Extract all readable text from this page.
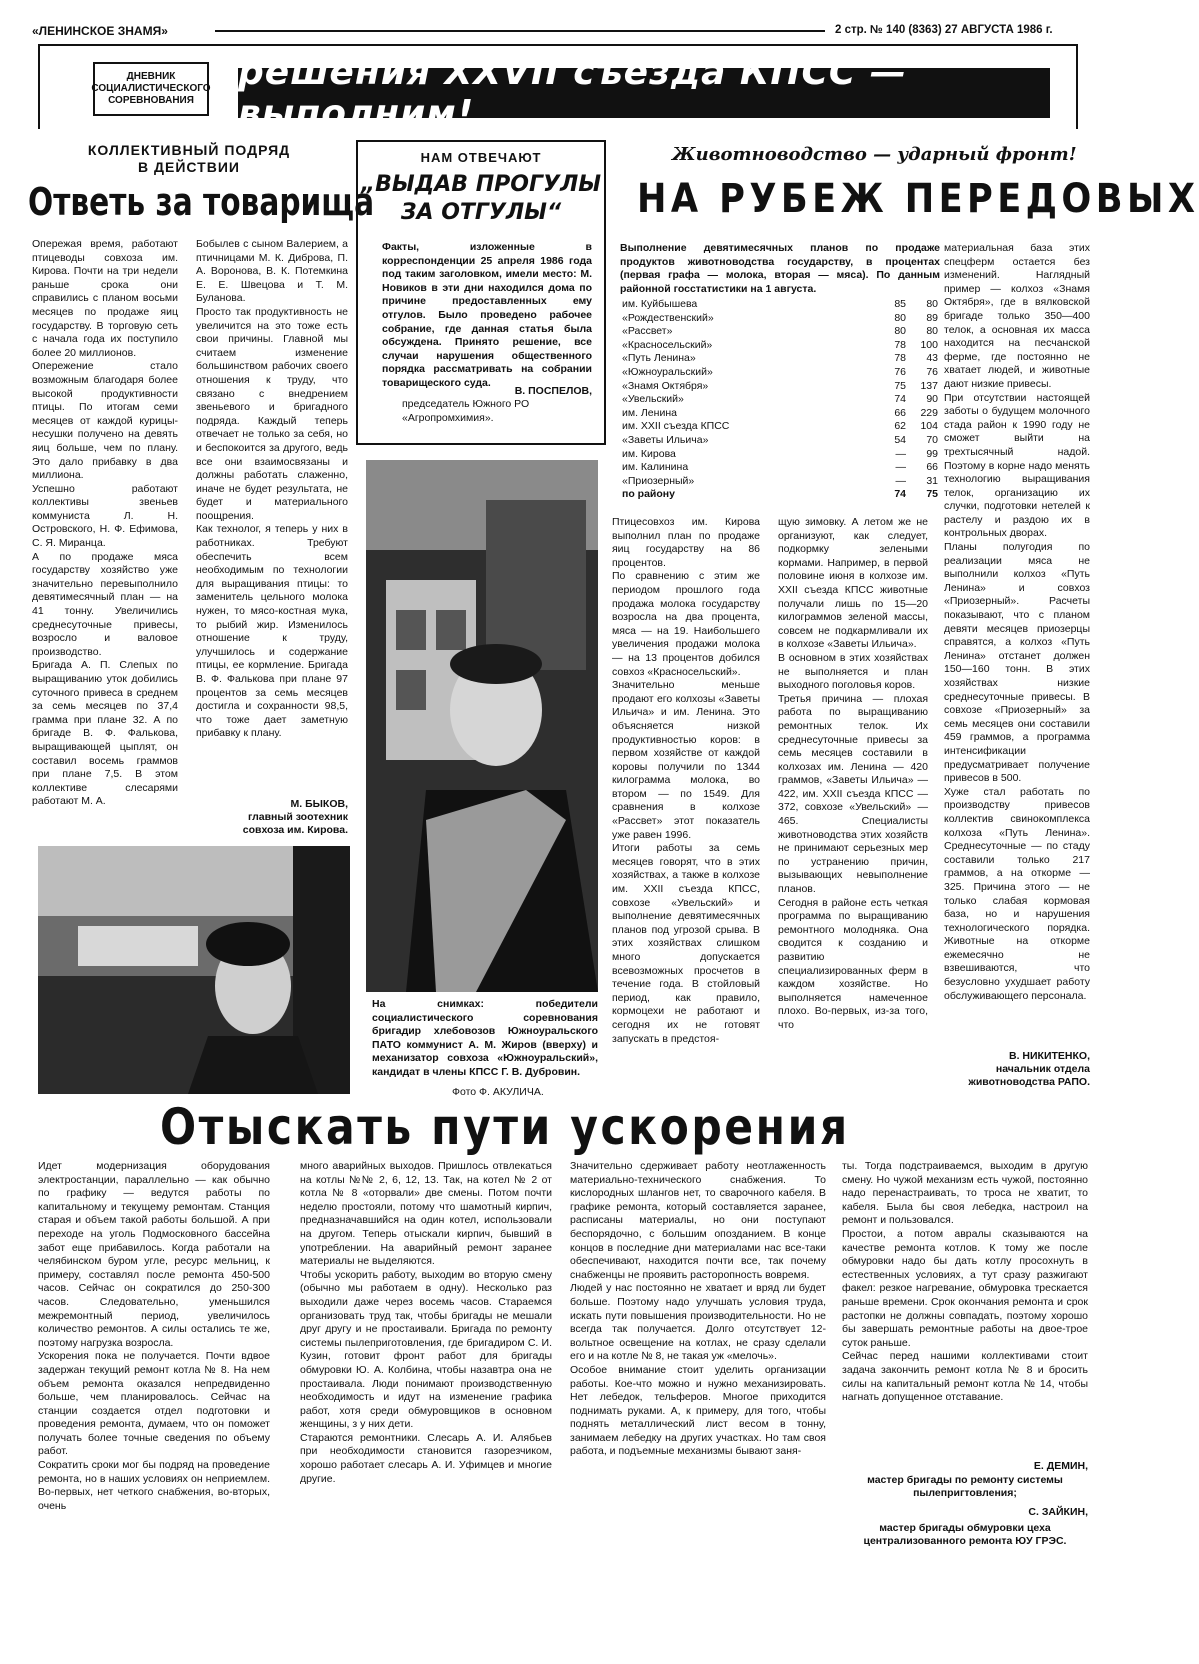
«ЛЕНИНСКОЕ ЗНАМЯ»	2 стр. № 140 (8363) 27 АВГУСТА 1986 г.
ДНЕВНИК
СОЦИАЛИСТИЧЕСКОГО
СОРЕВНОВАНИЯ
решения XXVII съезда КПСС — выполним!
КОЛЛЕКТИВНЫЙ ПОДРЯД
В ДЕЙСТВИИ
Ответь за товарища
Опережая время, работают птицеводы совхоза им. Кирова. Почти на три недели раньше срока они справились с планом восьми месяцев по продаже яиц государству. В торговую сеть с начала года их поступило более 20 миллионов.
Опережение стало возможным благодаря более высокой продуктивности птицы. По итогам семи месяцев от каждой курицы-несушки получено на девять яиц больше, чем по плану. Это дало прибавку в два миллиона.
Успешно работают коллективы звеньев коммуниста Л. Н. Островского, Н. Ф. Ефимова, С. Я. Миранца.
А по продаже мяса государству хозяйство уже значительно перевыполнило девятимесячный план — на 41 тонну. Увеличились среднесуточные привесы, возросло и валовое производство.
Бригада А. П. Слепых по выращиванию уток добились суточного привеса в среднем за семь месяцев по 37,4 грамма при плане 32. А по бригаде В. Ф. Фалькова, выращивающей цыплят, он составил восемь граммов при плане 7,5. В этом коллективе слесарями работают М. А.
Бобылев с сыном Валерием, а птичницами М. К. Диброва, П. А. Воронова, В. К. Потемкина Е. Е. Швецова и Т. М. Буланова.
Просто так продуктивность не увеличится на это тоже есть свои причины. Главной мы считаем изменение большинством рабочих своего отношения к труду, что связано с внедрением звеньевого и бригадного подряда. Каждый теперь отвечает не только за себя, но и беспокоится за другого, ведь все они взаимосвязаны и должны работать слаженно, иначе не будет результата, не будет и материального поощрения.
Как технолог, я теперь у них в работниках. Требуют обеспечить всем необходимым по технологии для выращивания птицы: то заменитель цельного молока нужен, то мясо-костная мука, то рыбий жир. Изменилось отношение к труду, улучшилось и содержание птицы, ее кормление. Бригада В. Ф. Фалькова при плане 97 процентов за семь месяцев достигла и сохранности 98,5, что тоже дает заметную прибавку к плану.
М. БЫКОВ,
главный зоотехник
совхоза им. Кирова.
НАМ ОТВЕЧАЮТ
„ВЫДАВ ПРОГУЛЫ
ЗА ОТГУЛЫ“
Факты, изложенные в корреспонденции 25 апреля 1986 года под таким заголовком, имели место: М. Новиков в эти дни находился дома по причине предоставленных ему отгулов. Было проведено рабочее собрание, где данная статья была обсуждена. Принято решение, все случаи нарушения общественного порядка рассматривать на собрании товарищеского суда.
В. ПОСПЕЛОВ,
председатель Южного РО «Агропромхимия».
На снимках: победители социалистического соревнования бригадир хлебовозов Южноуральского ПАТО коммунист А. М. Жиров (вверху) и механизатор совхоза «Южноуральский», кандидат в члены КПСС Г. В. Дубровин.
Фото Ф. АКУЛИЧА.
Животноводство — ударный фронт!
НА РУБЕЖ ПЕРЕДОВЫХ
Выполнение девятимесячных планов по продаже продуктов животноводства государству, в процентах (первая графа — молока, вторая — мяса). По данным районной госстатистики на 1 августа.
им. Куйбышева	85	80
«Рождественский»	80	89
«Рассвет»	80	80
«Красносельский»	78	100
«Путь Ленина»	78	43
«Южноуральский»	76	76
«Знамя Октября»	75	137
«Увельский»	74	90
им. Ленина	66	229
им. XXII съезда КПСС	62	104
«Заветы Ильича»	54	70
им. Кирова	—	99
им. Калинина	—	66
«Приозерный»	—	31
по району	74	75
Птицесовхоз им. Кирова выполнил план по продаже яиц государству на 86 процентов.
По сравнению с этим же периодом прошлого года продажа молока государству возросла на два процента, мяса — на 19. Наибольшего увеличения продажи молока — на 13 процентов добился совхоз «Красносельский».
Значительно меньше продают его колхозы «Заветы Ильича» и им. Ленина. Это объясняется низкой продуктивностью коров: в первом хозяйстве от каждой коровы получили по 1344 килограмма молока, во втором — по 1549. Для сравнения в колхозе «Рассвет» этот показатель уже равен 1996.
Итоги работы за семь месяцев говорят, что в этих хозяйствах, а также в колхозе им. XXII съезда КПСС, совхозе «Увельский» и выполнение девятимесячных планов под угрозой срыва. В этих хозяйствах слишком много допускается всевозможных просчетов в течение года. В стойловый период, как правило, кормоцехи не работают и сегодня их не готовят запускать в предстоя-
щую зимовку. А летом же не организуют, как следует, подкормку зелеными кормами. Например, в первой половине июня в колхозе им. XXII съезда КПСС животные получали лишь по 15—20 килограммов зеленой массы, совсем не подкармливали их в колхозе «Заветы Ильича».
В основном в этих хозяйствах не выполняется и план выходного поголовья коров.
Третья причина — плохая работа по выращиванию ремонтных телок. Их среднесуточные привесы за семь месяцев составили в колхозах им. Ленина — 420 граммов, «Заветы Ильича» — 422, им. XXII съезда КПСС — 372, совхозе «Увельский» — 465. Специалисты животноводства этих хозяйств не принимают серьезных мер по устранению причин, вызывающих невыполнение планов.
Сегодня в районе есть четкая программа по выращиванию ремонтного молодняка. Она сводится к созданию и развитию специализированных ферм в каждом хозяйстве. Но выполняется намеченное плохо. Во-первых, из-за того, что
материальная база этих спецферм остается без изменений. Наглядный пример — колхоз «Знамя Октября», где в вялковской бригаде только 350—400 телок, а основная их масса находится на песчанской ферме, где постоянно не хватает людей, и животные дают низкие привесы.
При отсутствии настоящей заботы о будущем молочного стада район к 1990 году не сможет выйти на трехтысячный надой. Поэтому в корне надо менять технологию выращивания телок, организацию их случки, подготовки нетелей к растелу и раздою их в контрольных дворах.
Планы полугодия по реализации мяса не выполнили колхоз «Путь Ленина» и совхоз «Приозерный». Расчеты показывают, что с планом девяти месяцев приозерцы справятся, а колхоз «Путь Ленина» отстанет должен 150—160 тонн. В этих хозяйствах низкие среднесуточные привесы. В совхозе «Приозерный» за семь месяцев они составили 459 граммов, а программа интенсификации предусматривает получение привесов в 500.
Хуже стал работать по производству привесов коллектив свинокомплекса колхоза «Путь Ленина». Среднесуточные — по стаду составили только 217 граммов, а на откорме — 325. Причина этого — не только слабая кормовая база, но и нарушения технологического порядка. Животные на откорме ежемесячно не взвешиваются, что безусловно ухудшает работу обслуживающего персонала.
В. НИКИТЕНКО,
начальник отдела животноводства РАПО.
Отыскать пути ускорения
Идет модернизация оборудования электростанции, параллельно — как обычно по графику — ведутся работы по капитальному и текущему ремонтам. Станция старая и объем такой работы большой. А при переходе на уголь Подмосковного бассейна забот еще прибавилось. Когда работали на челябинском буром угле, ресурс мельниц, к примеру, составлял после ремонта 450-500 часов. Сейчас он сократился до 250-300 часов. Следовательно, уменьшился межремонтный период, увеличилось количество ремонтов. А силы остались те же, поэтому нагрузка возросла.
Ускорения пока не получается. Почти вдвое задержан текущий ремонт котла № 8. На нем объем ремонта оказался непредвиденно больше, чем планировалось. Сейчас на станции создается отдел подготовки и проведения ремонта, думаем, что он поможет получать более точные сведения по объему работ.
Сократить сроки мог бы подряд на проведение ремонта, но в наших условиях он неприемлем. Во-первых, нет четкого снабжения, во-вторых, очень
много аварийных выходов. Пришлось отвлекаться на котлы №№ 2, 6, 12, 13. Так, на котел № 2 от котла № 8 «оторвали» две смены. Потом почти неделю простояли, потому что шамотный кирпич, предназначавшийся на один котел, использовали на другом. Теперь отыскали кирпич, бывший в употреблении. На аварийный ремонт заранее материалы не выделяются.
Чтобы ускорить работу, выходим во вторую смену (обычно мы работаем в одну). Несколько раз выходили даже через восемь часов. Стараемся организовать труд так, чтобы бригады не мешали друг другу и не простаивали. Бригада по ремонту системы пылеприготовления, где бригадиром С. И. Кузин, готовит фронт работ для бригады обмуровки Ю. А. Колбина, чтобы назавтра она не простаивала. Люди понимают производственную необходимость и идут на изменение графика работ, хотя среди обмуровщиков в основном женщины, з у них дети.
Стараются ремонтники. Слесарь А. И. Алябьев при необходимости становится газорезчиком, хорошо работает слесарь А. И. Уфимцев и многие другие.
Значительно сдерживает работу неотлаженность материально-технического снабжения. То кислородных шлангов нет, то сварочного кабеля. В графике ремонта, который составляется заранее, расписаны материалы, но они поступают беспорядочно, с большим опозданием. В конце концов в последние дни материалами нас все-таки обеспечивают, находится почти все, так почему снабженцы не проявить расторопность вовремя.
Людей у нас постоянно не хватает и вряд ли будет больше. Поэтому надо улучшать условия труда, искать пути повышения производительности. Но не всегда так получается. Долго отсутствует 12-вольтное освещение на котлах, не сразу сделали его и на котле № 8, не такая уж «мелочь».
Особое внимание стоит уделить организации работы. Кое-что можно и нужно механизировать. Нет лебедок, тельферов. Многое приходится поднимать руками. А, к примеру, для того, чтобы поднять металлический лист весом в тонну, занимаем лебедку на других участках. Но там своя работа, и подъемные механизмы бывают заня-
ты. Тогда подстраиваемся, выходим в другую смену. Но чужой механизм есть чужой, постоянно надо перенастраивать, то троса не хватит, то кабеля. Была бы своя лебедка, настроил на ремонт и пользовался.
Простои, а потом авралы сказываются на качестве ремонта котлов. К тому же после обмуровки надо бы дать котлу просохнуть в естественных условиях, а тут сразу разжигают факел: резкое нагревание, обмуровка трескается раньше времени. Срок окончания ремонта и срок растопки не должны совпадать, поэтому хорошо бы завершать ремонтные работы на двое-трое суток раньше.
Сейчас перед нашими коллективами стоит задача закончить ремонт котла № 8 и бросить силы на капитальный ремонт котла № 14, чтобы нагнать допущенное отставание.
Е. ДЕМИН,
мастер бригады по ремонту системы пылепригтовления;
С. ЗАЙКИН,
мастер бригады обмуровки цеха централизованного ремонта ЮУ ГРЭС.
